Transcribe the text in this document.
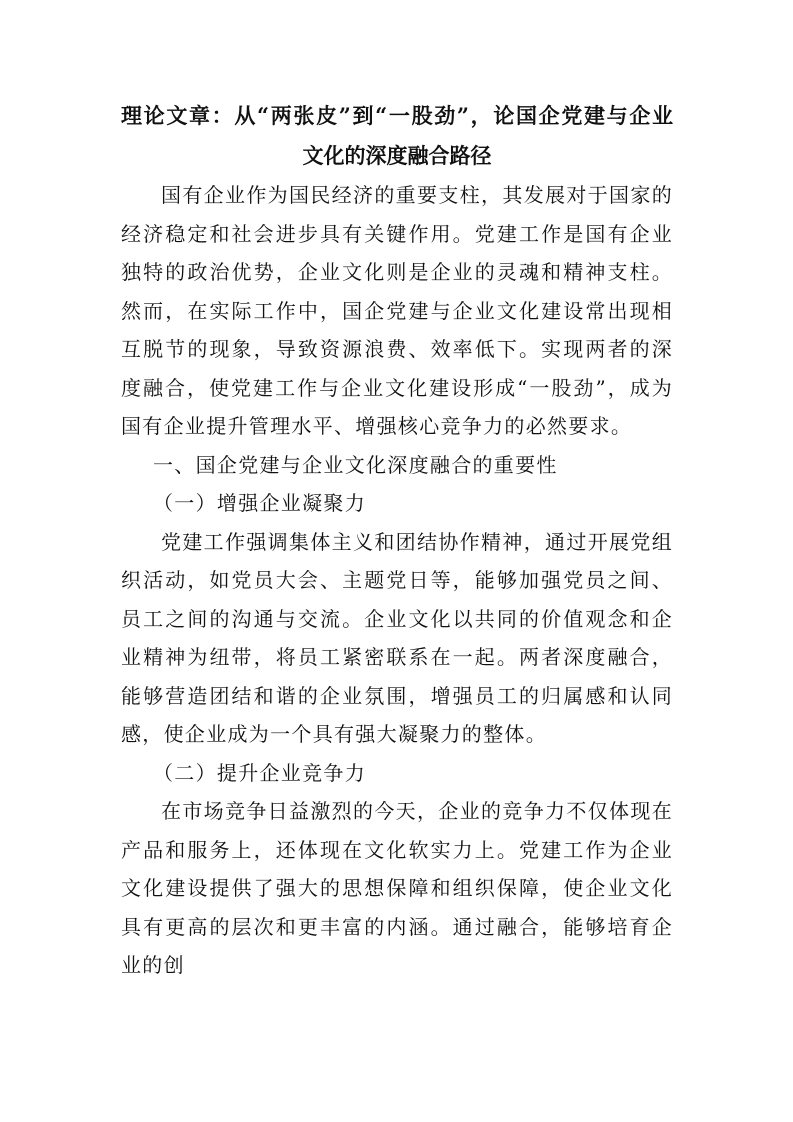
理论文章：从“两张皮”到“一股劲”，论国企党建与企业
文化的深度融合路径

国有企业作为国民经济的重要支柱，其发展对于国家的经济稳定和社会进步具有关键作用。党建工作是国有企业独特的政治优势，企业文化则是企业的灵魂和精神支柱。然而，在实际工作中，国企党建与企业文化建设常出现相互脱节的现象，导致资源浪费、效率低下。实现两者的深度融合，使党建工作与企业文化建设形成“一股劲”，成为国有企业提升管理水平、增强核心竞争力的必然要求。

一、国企党建与企业文化深度融合的重要性

（一）增强企业凝聚力

党建工作强调集体主义和团结协作精神，通过开展党组织活动，如党员大会、主题党日等，能够加强党员之间、员工之间的沟通与交流。企业文化以共同的价值观念和企业精神为纽带，将员工紧密联系在一起。两者深度融合，能够营造团结和谐的企业氛围，增强员工的归属感和认同感，使企业成为一个具有强大凝聚力的整体。

（二）提升企业竞争力

在市场竞争日益激烈的今天，企业的竞争力不仅体现在产品和服务上，还体现在文化软实力上。党建工作为企业文化建设提供了强大的思想保障和组织保障，使企业文化具有更高的层次和更丰富的内涵。通过融合，能够培育企业的创
